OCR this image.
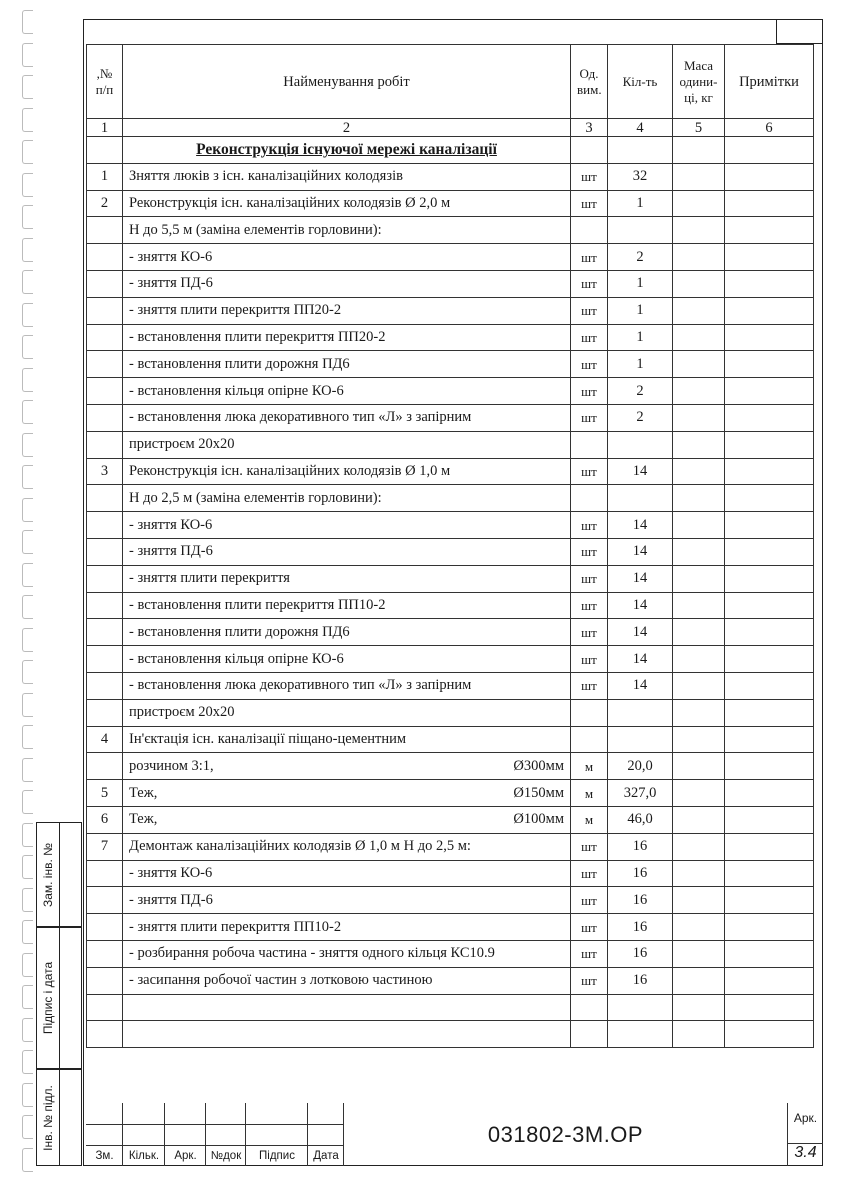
,№ п/п	Найменування робіт	Од. вим.	Кіл-ть	Маса одини-ці, кг	Примітки
1	2	3	4	5	6
	Реконструкція існуючої мережі каналізації				
1	Зняття люків з існ. каналізаційних колодязів	шт	32		
2	Реконструкція існ. каналізаційних колодязів Ø 2,0 м	шт	1		
	Н до 5,5 м (заміна елементів горловини):				
	- зняття КО-6	шт	2		
	- зняття ПД-6	шт	1		
	- зняття плити перекриття ПП20-2	шт	1		
	- встановлення плити перекриття ПП20-2	шт	1		
	- встановлення плити дорожня ПД6	шт	1		
	- встановлення кільця опірне КО-6	шт	2		
	- встановлення люка декоративного тип «Л» з запірним	шт	2		
	пристроєм 20х20				
3	Реконструкція існ. каналізаційних колодязів Ø 1,0 м	шт	14		
	Н до 2,5 м (заміна елементів горловини):				
	- зняття КО-6	шт	14		
	- зняття ПД-6	шт	14		
	- зняття плити перекриття	шт	14		
	- встановлення плити перекриття ПП10-2	шт	14		
	- встановлення плити дорожня ПД6	шт	14		
	- встановлення кільця опірне КО-6	шт	14		
	- встановлення люка декоративного тип «Л» з запірним	шт	14		
	пристроєм 20х20				
4	Ін'єктація існ. каналізації піщано-цементним				

	розчином 3:1, Ø300мм	м	20,0		
5	Теж, Ø150мм	м	327,0		
6	Теж, Ø100мм	м	46,0		
7	Демонтаж каналізаційних колодязів Ø 1,0 м Н до 2,5 м:	шт	16		
	- зняття КО-6	шт	16		
	- зняття ПД-6	шт	16		
	- зняття плити перекриття ПП10-2	шт	16		
	- розбирання робоча частина - зняття одного кільця КС10.9	шт	16		
	- засипання робочої частин з лотковою частиною	шт	16		

Зам. інв. №
Підпис і дата
Інв. № підл.
Зм.	Кільк.	Арк.	№док	Підпис	Дата
031802-3М.ОР
Арк.
3.4
